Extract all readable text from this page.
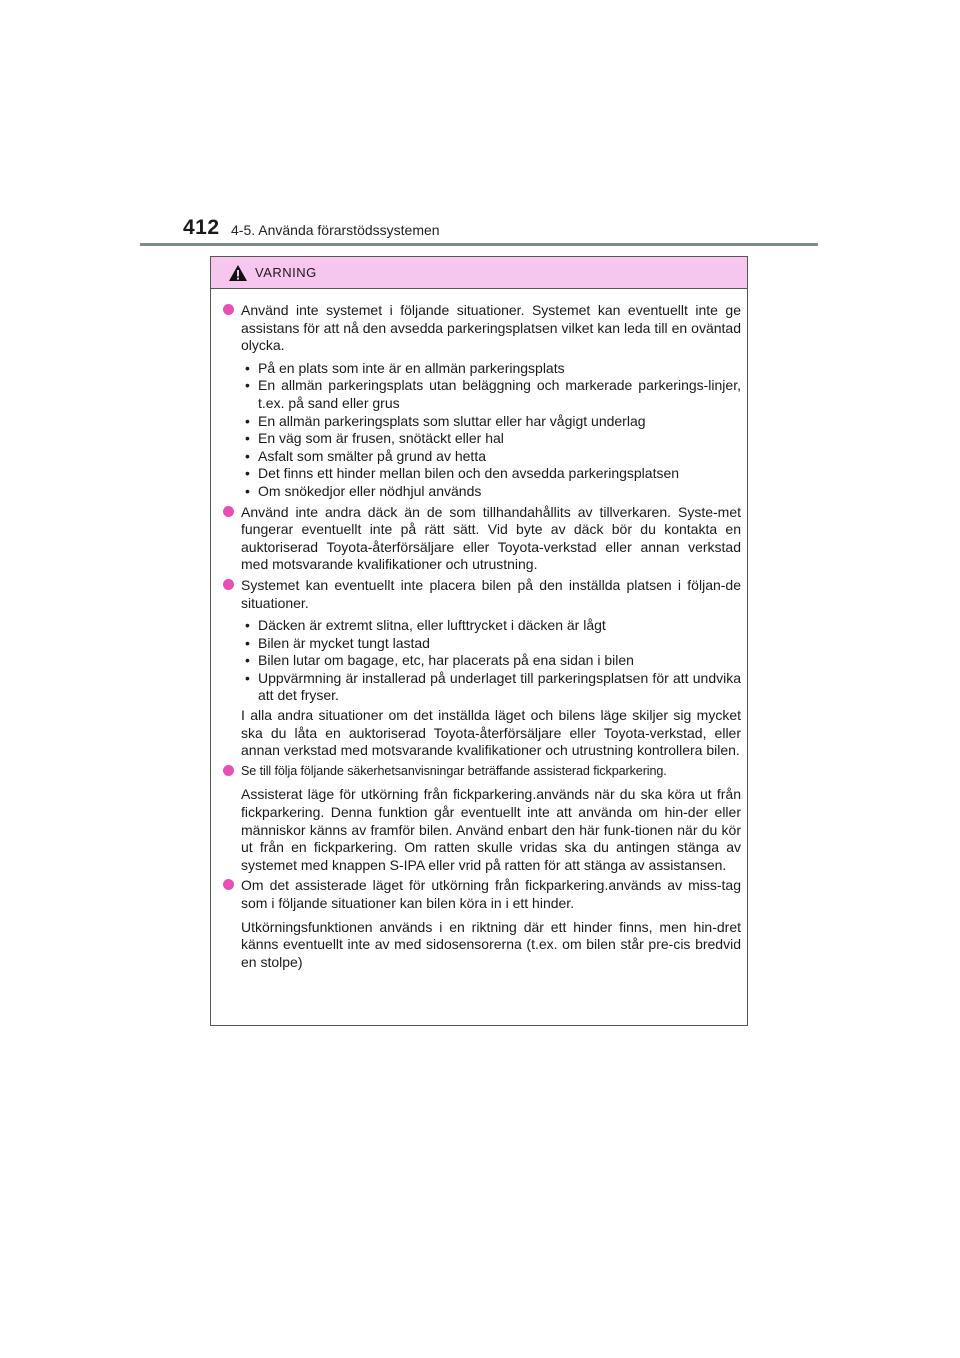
412 4-5. Använda förarstödssystemen
VARNING
Använd inte systemet i följande situationer. Systemet kan eventuellt inte ge assistans för att nå den avsedda parkeringsplatsen vilket kan leda till en oväntad olycka.
• På en plats som inte är en allmän parkeringsplats
• En allmän parkeringsplats utan beläggning och markerade parkerings-linjer, t.ex. på sand eller grus
• En allmän parkeringsplats som sluttar eller har vågigt underlag
• En väg som är frusen, snötäckt eller hal
• Asfalt som smälter på grund av hetta
• Det finns ett hinder mellan bilen och den avsedda parkeringsplatsen
• Om snökedjor eller nödhjul används
Använd inte andra däck än de som tillhandahållits av tillverkaren. Syste-met fungerar eventuellt inte på rätt sätt. Vid byte av däck bör du kontakta en auktoriserad Toyota-återförsäljare eller Toyota-verkstad eller annan verkstad med motsvarande kvalifikationer och utrustning.
Systemet kan eventuellt inte placera bilen på den inställda platsen i följan-de situationer.
• Däcken är extremt slitna, eller lufttrycket i däcken är lågt
• Bilen är mycket tungt lastad
• Bilen lutar om bagage, etc, har placerats på ena sidan i bilen
• Uppvärmning är installerad på underlaget till parkeringsplatsen för att undvika att det fryser.
I alla andra situationer om det inställda läget och bilens läge skiljer sig mycket ska du låta en auktoriserad Toyota-återförsäljare eller Toyota-verkstad, eller annan verkstad med motsvarande kvalifikationer och utrustning kontrollera bilen.
Se till följa följande säkerhetsanvisningar beträffande assisterad fickparkering.
Assisterat läge för utkörning från fickparkering.används när du ska köra ut från fickparkering. Denna funktion går eventuellt inte att använda om hin-der eller människor känns av framför bilen. Använd enbart den här funk-tionen när du kör ut från en fickparkering. Om ratten skulle vridas ska du antingen stänga av systemet med knappen S-IPA eller vrid på ratten för att stänga av assistansen.
Om det assisterade läget för utkörning från fickparkering.används av miss-tag som i följande situationer kan bilen köra in i ett hinder.
Utkörningsfunktionen används i en riktning där ett hinder finns, men hin-dret känns eventuellt inte av med sidosensorerna (t.ex. om bilen står pre-cis bredvid en stolpe)
